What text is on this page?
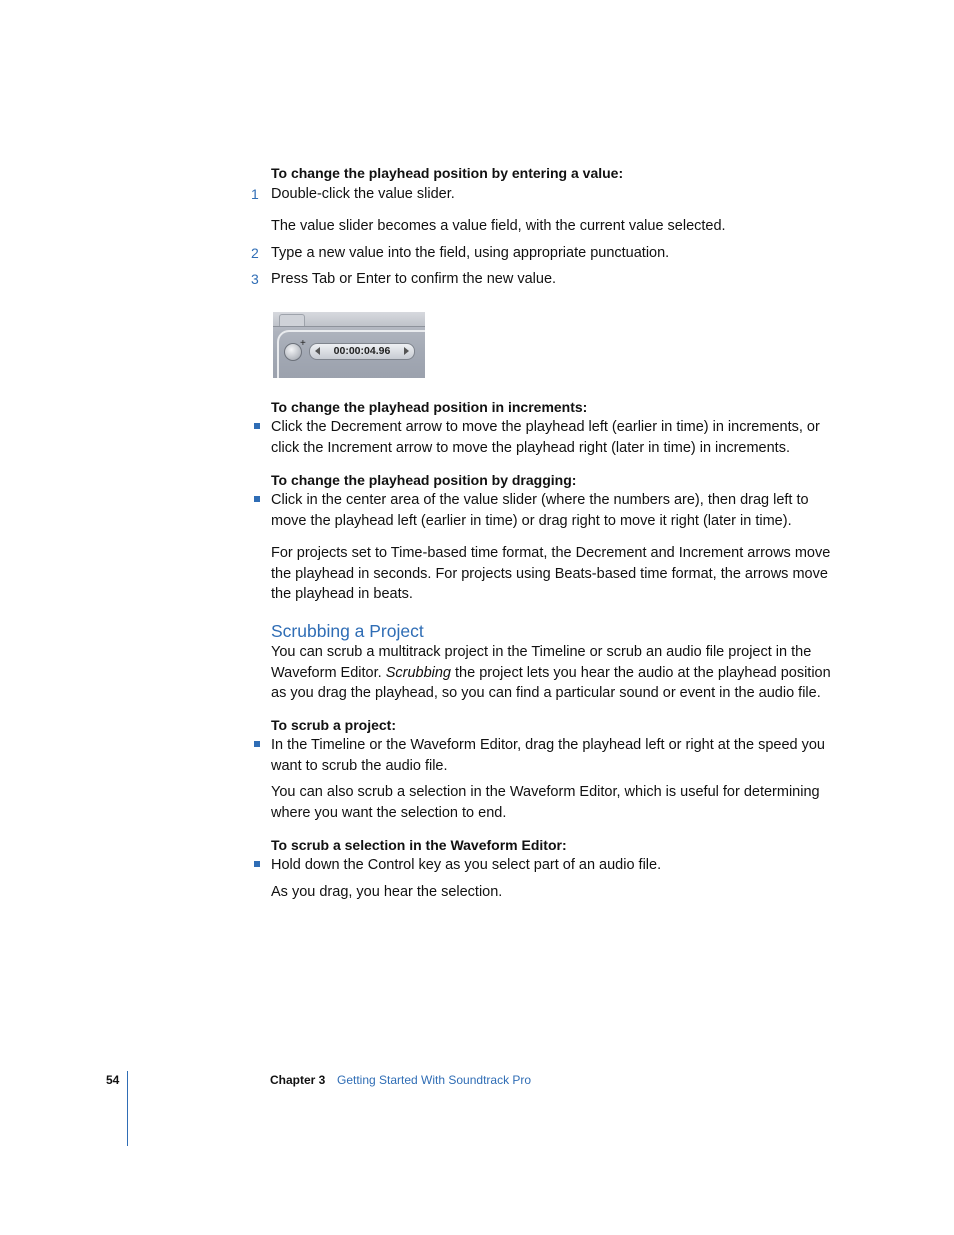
To change the playhead position by entering a value:
1 Double-click the value slider.
The value slider becomes a value field, with the current value selected.
2 Type a new value into the field, using appropriate punctuation.
3 Press Tab or Enter to confirm the new value.
+
00:00:04.96
To change the playhead position in increments:
Click the Decrement arrow to move the playhead left (earlier in time) in increments, or click the Increment arrow to move the playhead right (later in time) in increments.
To change the playhead position by dragging:
Click in the center area of the value slider (where the numbers are), then drag left to move the playhead left (earlier in time) or drag right to move it right (later in time).
For projects set to Time-based time format, the Decrement and Increment arrows move the playhead in seconds. For projects using Beats-based time format, the arrows move the playhead in beats.
Scrubbing a Project
You can scrub a multitrack project in the Timeline or scrub an audio file project in the Waveform Editor. Scrubbing the project lets you hear the audio at the playhead position as you drag the playhead, so you can find a particular sound or event in the audio file.
To scrub a project:
In the Timeline or the Waveform Editor, drag the playhead left or right at the speed you want to scrub the audio file.
You can also scrub a selection in the Waveform Editor, which is useful for determining where you want the selection to end.
To scrub a selection in the Waveform Editor:
Hold down the Control key as you select part of an audio file.
As you drag, you hear the selection.
54	Chapter 3 Getting Started With Soundtrack Pro
